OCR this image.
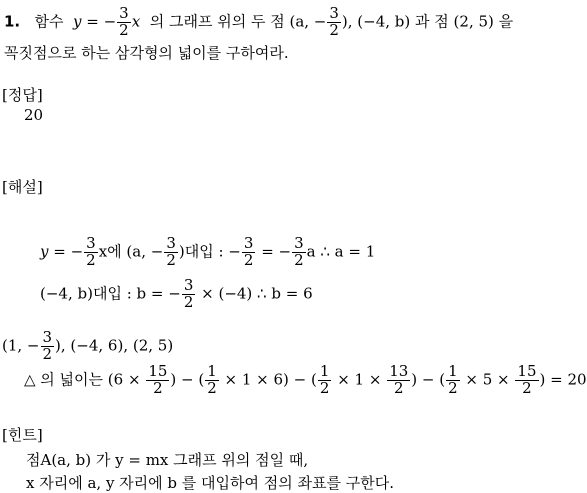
1. 함수 y = − $\frac{3}{2}$ x 의 그래프 위의 두 점 (a, − $\frac{3}{2}$ ), (−4, b) 과 점 (2, 5) 을
꼭짓점으로 하는 삼각형의 넓이를 구하여라.
[정답]
20
[해설]
y = − $\frac{3}{2}$ x에 (a, − $\frac{3}{2}$ )대입 : − $\frac{3}{2}$ = − $\frac{3}{2}$ a ∴ a = 1
(−4, b)대입 : b = − $\frac{3}{2} \times (-4)$ ∴ b = 6
(1, − $\frac{3}{2}$ ), (−4, 6), (2, 5)
△ 의 넓이는 ($6 \times \frac{15}{2}$ ) − ( $\frac{1}{2} \times 1 \times 6$) − ( $\frac{1}{2} \times 1 \times \frac{13}{2}$ ) − ( $\frac{1}{2} \times 5 \times \frac{15}{2}$ ) = 20
[힌트]
점A(a, b) 가 y = mx 그래프 위의 점일 때,
x 자리에 a, y 자리에 b 를 대입하여 점의 좌표를 구한다.
